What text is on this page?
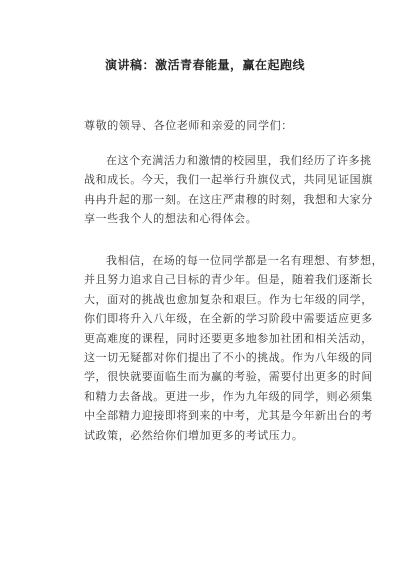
演讲稿：激活青春能量，赢在起跑线
尊敬的领导、各位老师和亲爱的同学们：
在这个充满活力和激情的校园里，我们经历了许多挑
战和成长。今天，我们一起举行升旗仪式，共同见证国旗
冉冉升起的那一刻。在这庄严肃穆的时刻，我想和大家分
享一些我个人的想法和心得体会。
我相信，在场的每一位同学都是一名有理想、有梦想，
并且努力追求自己目标的青少年。但是，随着我们逐渐长
大，面对的挑战也愈加复杂和艰巨。作为七年级的同学，
你们即将升入八年级，在全新的学习阶段中需要适应更多
更高难度的课程，同时还要更多地参加社团和相关活动，
这一切无疑都对你们提出了不小的挑战。作为八年级的同
学，很快就要面临生而为赢的考验，需要付出更多的时间
和精力去备战。更进一步，作为九年级的同学，则必须集
中全部精力迎接即将到来的中考，尤其是今年新出台的考
试政策，必然给你们增加更多的考试压力。
